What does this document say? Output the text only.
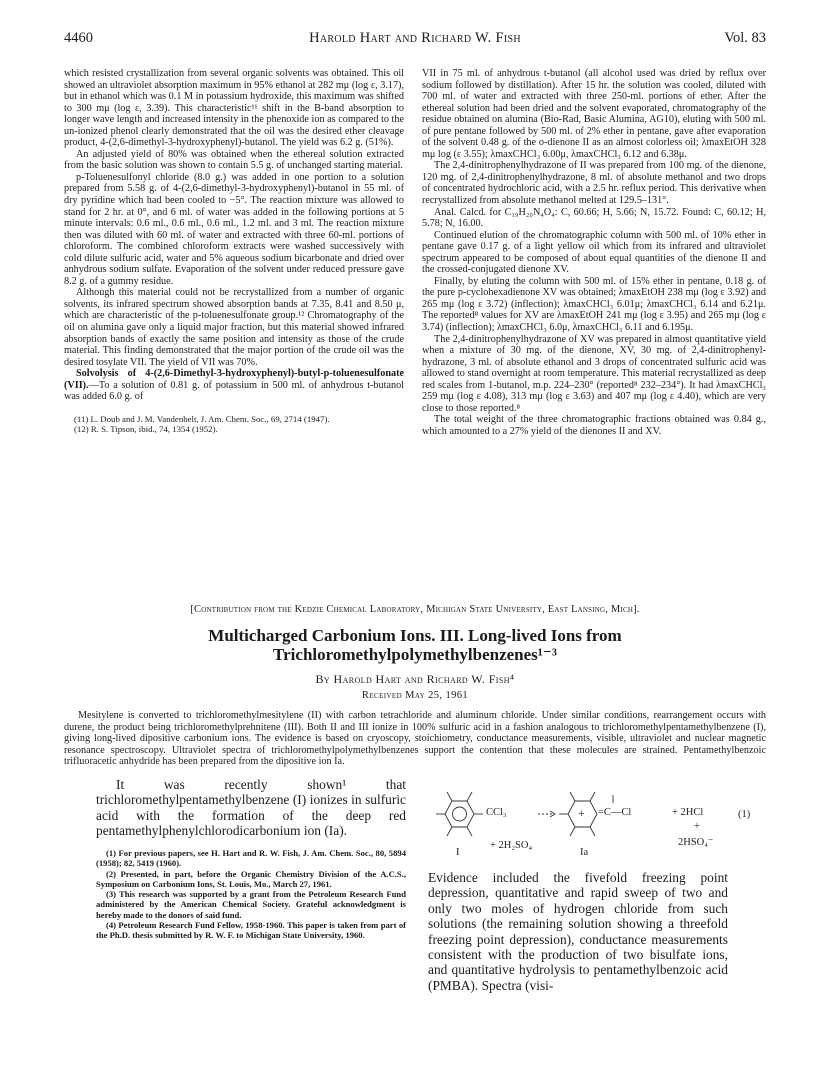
4460	Harold Hart and Richard W. Fish	Vol. 83

which resisted crystallization from several organic solvents was obtained. This oil showed an ultraviolet absorption maximum in 95% ethanol at 282 mμ (log ε, 3.17), but in ethanol which was 0.1 M in potassium hydroxide, this maximum was shifted to 300 mμ (log ε, 3.39). This characteristic¹¹ shift in the B-band absorption to longer wave length and increased intensity in the phenoxide ion as compared to the un-ionized phenol clearly demonstrated that the oil was the desired ether cleavage product, 4-(2,6-dimethyl-3-hydroxyphenyl)-butanol. The yield was 6.2 g. (51%).

An adjusted yield of 80% was obtained when the ethereal solution extracted from the basic solution was shown to contain 5.5 g. of unchanged starting material.

p-Toluenesulfonyl chloride (8.0 g.) was added in one portion to a solution prepared from 5.58 g. of 4-(2,6-dimethyl-3-hydroxyphenyl)-butanol in 55 ml. of dry pyridine which had been cooled to −5°. The reaction mixture was allowed to stand for 2 hr. at 0°, and 6 ml. of water was added in the following portions at 5 minute intervals: 0.6 ml., 0.6 ml., 0.6 ml., 1.2 ml. and 3 ml. The reaction mixture then was diluted with 60 ml. of water and extracted with three 60-ml. portions of chloroform. The combined chloroform extracts were washed successively with cold dilute sulfuric acid, water and 5% aqueous sodium bicarbonate and dried over anhydrous sodium sulfate. Evaporation of the solvent under reduced pressure gave 8.2 g. of a gummy residue.

Although this material could not be recrystallized from a number of organic solvents, its infrared spectrum showed absorption bands at 7.35, 8.41 and 8.50 μ, which are characteristic of the p-toluenesulfonate group.¹² Chromatography of the oil on alumina gave only a liquid major fraction, but this material showed infrared absorption bands of exactly the same position and intensity as those of the crude material. This finding demonstrated that the major portion of the crude oil was the desired tosylate VII. The yield of VII was 70%.

Solvolysis of 4-(2,6-Dimethyl-3-hydroxyphenyl)-butyl-p-toluenesulfonate (VII).—To a solution of 0.81 g. of potassium in 500 ml. of anhydrous t-butanol was added 6.0 g. of

(11) L. Doub and J. M. Vandenbelt, J. Am. Chem. Soc., 69, 2714 (1947).

(12) R. S. Tipson, ibid., 74, 1354 (1952).

VII in 75 ml. of anhydrous t-butanol (all alcohol used was dried by reflux over sodium followed by distillation). After 15 hr. the solution was cooled, diluted with 700 ml. of water and extracted with three 250-ml. portions of ether. After the ethereal solution had been dried and the solvent evaporated, chromatography of the residue obtained on alumina (Bio-Rad, Basic Alumina, AG10), eluting with 500 ml. of pure pentane followed by 500 ml. of 2% ether in pentane, gave after evaporation of the solvent 0.48 g. of the o-dienone II as an almost colorless oil; λmaxEtOH 328 mμ log (ε 3.55); λmaxCHCl₃ 6.00μ, λmaxCHCl₃ 6.12 and 6.38μ.

The 2,4-dinitrophenylhydrazone of II was prepared from 100 mg. of the dienone, 120 mg. of 2,4-dinitrophenylhydrazone, 8 ml. of absolute methanol and two drops of concentrated hydrochloric acid, with a 2.5 hr. reflux period. This derivative when recrystallized from absolute methanol melted at 129.5–131°.

Anal. Calcd. for C₁₉H₂₀N₄O₄: C, 60.66; H, 5.66; N, 15.72. Found: C, 60.12; H, 5.78; N, 16.00.

Continued elution of the chromatographic column with 500 ml. of 10% ether in pentane gave 0.17 g. of a light yellow oil which from its infrared and ultraviolet spectrum appeared to be composed of about equal quantities of the dienone II and the crossed-conjugated dienone XV.

Finally, by eluting the column with 500 ml. of 15% ether in pentane, 0.18 g. of the pure p-cyclohexadienone XV was obtained; λmaxEtOH 238 mμ (log ε 3.92) and 265 mμ (log ε 3.72) (inflection); λmaxCHCl₃ 6.01μ; λmaxCHCl₃ 6.14 and 6.21μ. The reported⁸ values for XV are λmaxEtOH 241 mμ (log ε 3.95) and 265 mμ (log ε 3.74) (inflection); λmaxCHCl₃ 6.0μ, λmaxCHCl₃ 6.11 and 6.195μ.

The 2,4-dinitrophenylhydrazone of XV was prepared in almost quantitative yield when a mixture of 30 mg. of the dienone, XV, 30 mg. of 2,4-dinitrophenyl-hydrazone, 3 ml. of absolute ethanol and 3 drops of concentrated sulfuric acid was allowed to stand overnight at room temperature. This material recrystallized as deep red scales from 1-butanol, m.p. 224–230° (reported⁸ 232–234°). It had λmaxCHCl₃ 259 mμ (log ε 4.08), 313 mμ (log ε 3.63) and 407 mμ (log ε 4.40), which are very close to those reported.⁸

The total weight of the three chromatographic fractions obtained was 0.84 g., which amounted to a 27% yield of the dienones II and XV.

[Contribution from the Kedzie Chemical Laboratory, Michigan State University, East Lansing, Mich].
Multicharged Carbonium Ions. III. Long-lived Ions from
Trichloromethylpolymethylbenzenes¹⁻³
By Harold Hart and Richard W. Fish⁴
Received May 25, 1961
Mesitylene is converted to trichloromethylmesitylene (II) with carbon tetrachloride and aluminum chloride. Under similar conditions, rearrangement occurs with durene, the product being trichloromethylprehnitene (III). Both II and III ionize in 100% sulfuric acid in a fashion analogous to trichloromethylpentamethylbenzene (I), giving long-lived dipositive carbonium ions. The evidence is based on cryoscopy, stoichiometry, conductance measurements, visible, ultraviolet and nuclear magnetic resonance spectroscopy. Ultraviolet spectra of trichloromethylpolymethylbenzenes support the contention that these molecules are strained. Pentamethylbenzoic trifluoracetic anhydride has been prepared from the dipositive ion Ia.
It was recently shown¹ that trichloromethylpentamethylbenzene (I) ionizes in sulfuric acid with the formation of the deep red pentamethylphenylchlorodicarbonium ion (Ia).

(1) For previous papers, see H. Hart and R. W. Fish, J. Am. Chem. Soc., 80, 5894 (1958); 82, 5419 (1960).

(2) Presented, in part, before the Organic Chemistry Division of the A.C.S., Symposium on Carbonium Ions, St. Louis, Mo., March 27, 1961.

(3) This research was supported by a grant from the Petroleum Research Fund administered by the American Chemical Society. Grateful acknowledgment is hereby made to the donors of said fund.

(4) Petroleum Research Fund Fellow, 1958-1960. This paper is taken from part of the Ph.D. thesis submitted by R. W. F. to Michigan State University, 1960.

CCl₃	+ =C—Cl	+ 2HCl
+
2HSO₄⁻
I
+ 2H₂SO₄
Ia
(1)
Evidence included the fivefold freezing point depression, quantitative and rapid sweep of two and only two moles of hydrogen chloride from such solutions (the remaining solution showing a threefold freezing point depression), conductance measurements consistent with the production of two bisulfate ions, and quantitative hydrolysis to pentamethylbenzoic acid (PMBA). Spectra (visi-
